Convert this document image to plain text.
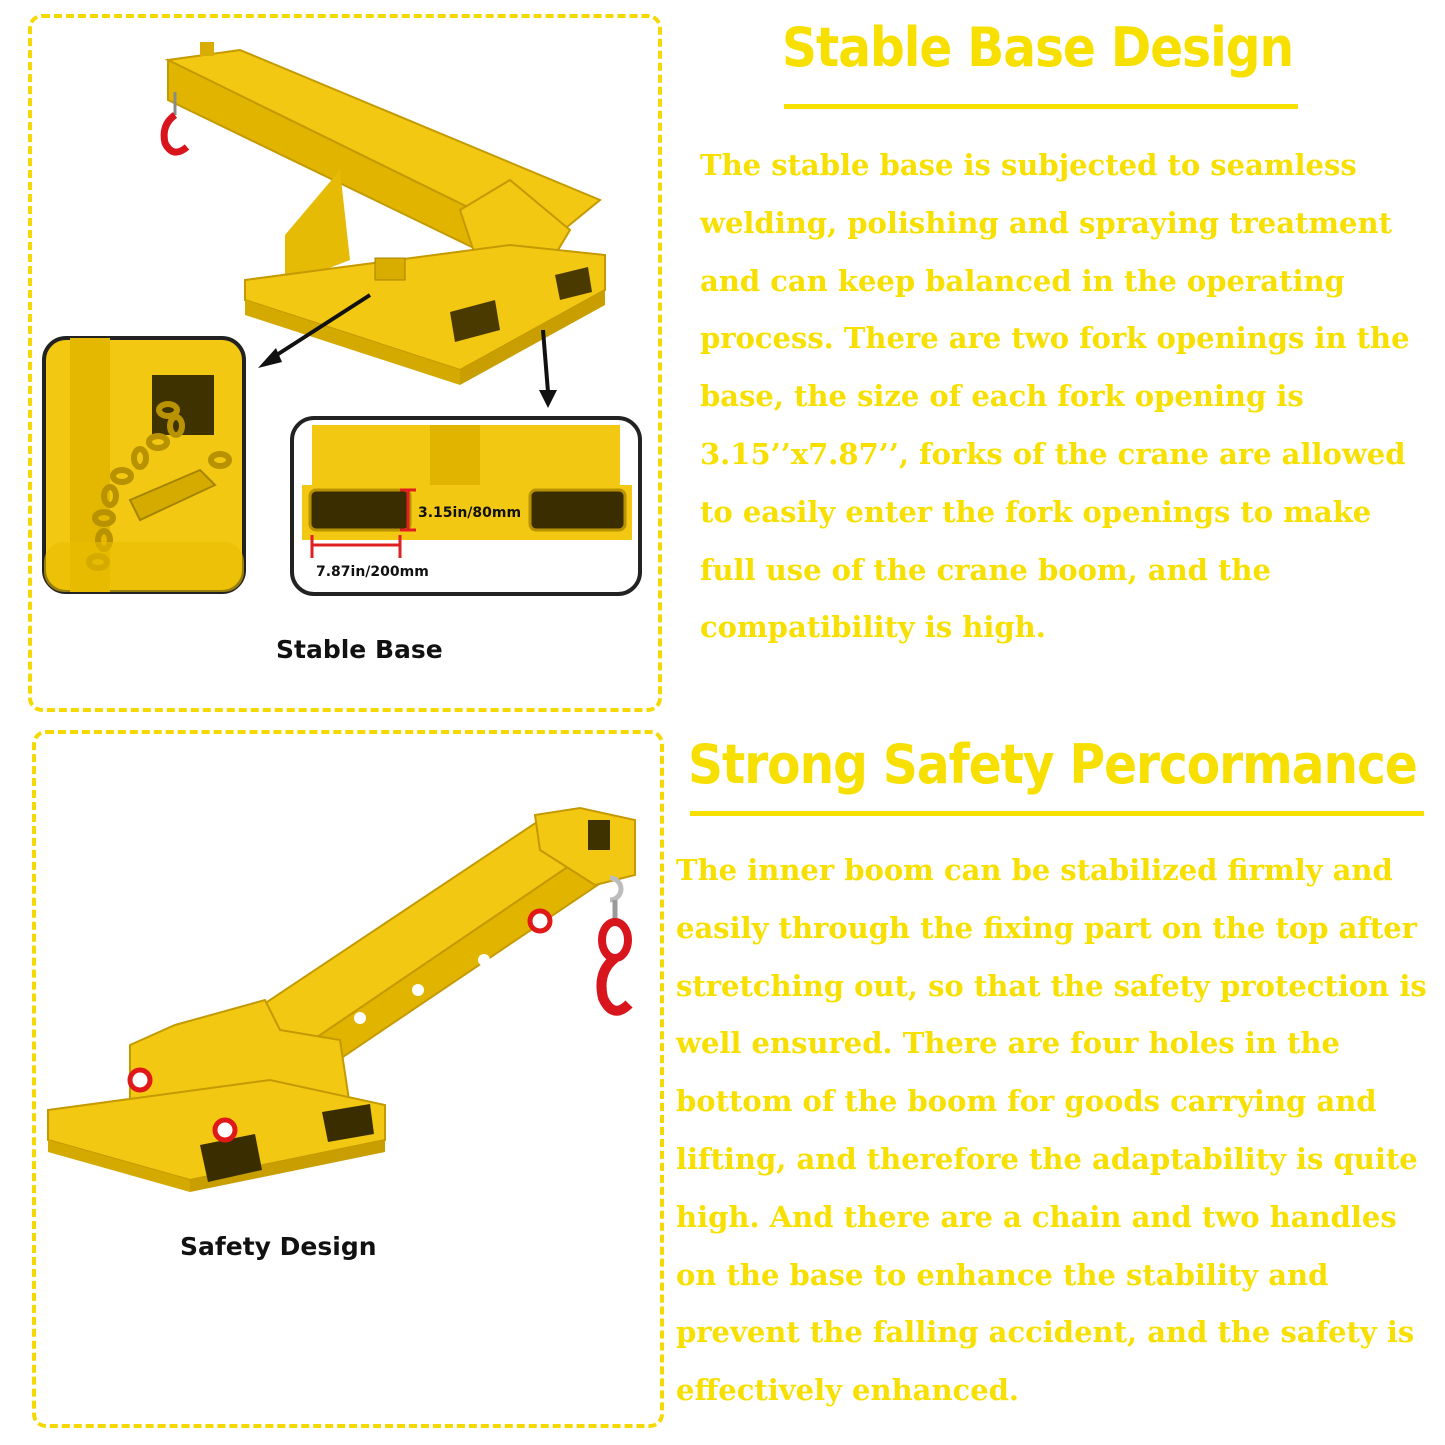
3.15in/80mm
7.87in/200mm
Stable Base
Stable Base Design
The stable base is subjected to seamless welding, polishing and spraying treatment and can keep balanced in the operating process. There are two fork openings in the base, the size of each fork opening is 3.15’’x7.87’’, forks of the crane are allowed to easily enter the fork openings to make full use of the crane boom, and the compatibility is high.
Safety Design
Strong Safety Percormance
The inner boom can be stabilized firmly and easily through the fixing part on the top after stretching out, so that the safety protection is well ensured. There are four holes in the bottom of the boom for goods carrying and lifting, and therefore the adaptability is quite high. And there are a chain and two handles on the base to enhance the stability and prevent the falling accident, and the safety is effectively enhanced.
